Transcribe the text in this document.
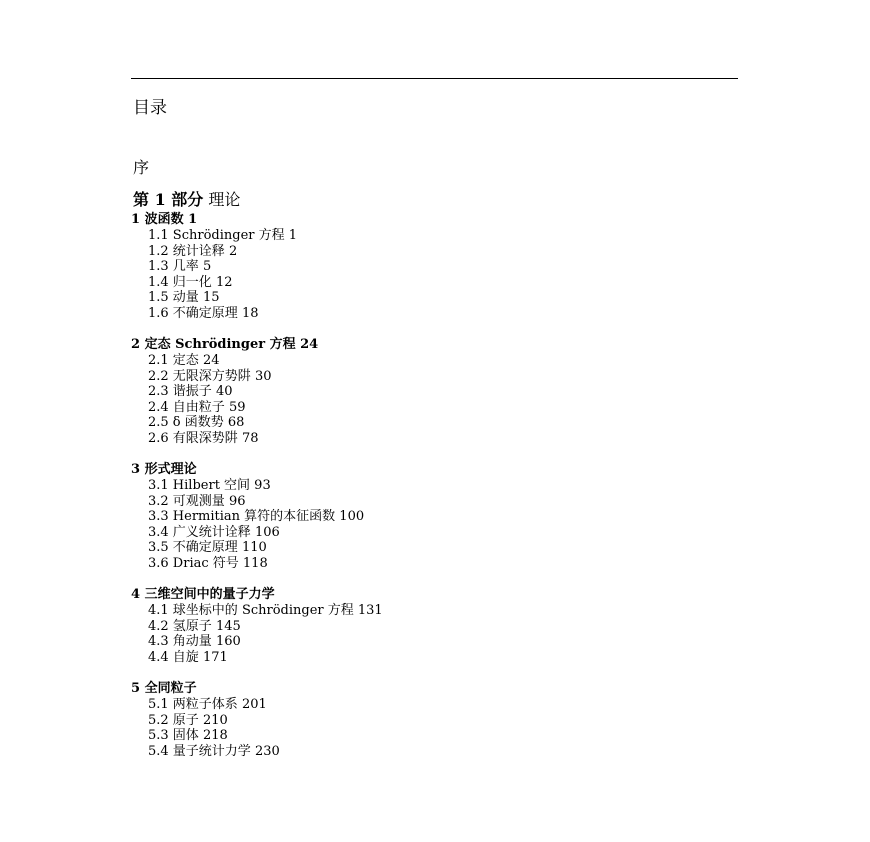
目录
序
第 1 部分 理论
1 波函数 1
1.1 Schrödinger 方程 1
1.2 统计诠释 2
1.3 几率 5
1.4 归一化 12
1.5 动量 15
1.6 不确定原理 18
2 定态 Schrödinger 方程 24
2.1 定态 24
2.2 无限深方势阱 30
2.3 谐振子 40
2.4 自由粒子 59
2.5 δ 函数势 68
2.6 有限深势阱 78
3 形式理论
3.1 Hilbert 空间 93
3.2 可观测量 96
3.3 Hermitian 算符的本征函数 100
3.4 广义统计诠释 106
3.5 不确定原理 110
3.6 Driac 符号 118
4 三维空间中的量子力学
4.1 球坐标中的 Schrödinger 方程 131
4.2 氢原子 145
4.3 角动量 160
4.4 自旋 171
5 全同粒子
5.1 两粒子体系 201
5.2 原子 210
5.3 固体 218
5.4 量子统计力学 230
